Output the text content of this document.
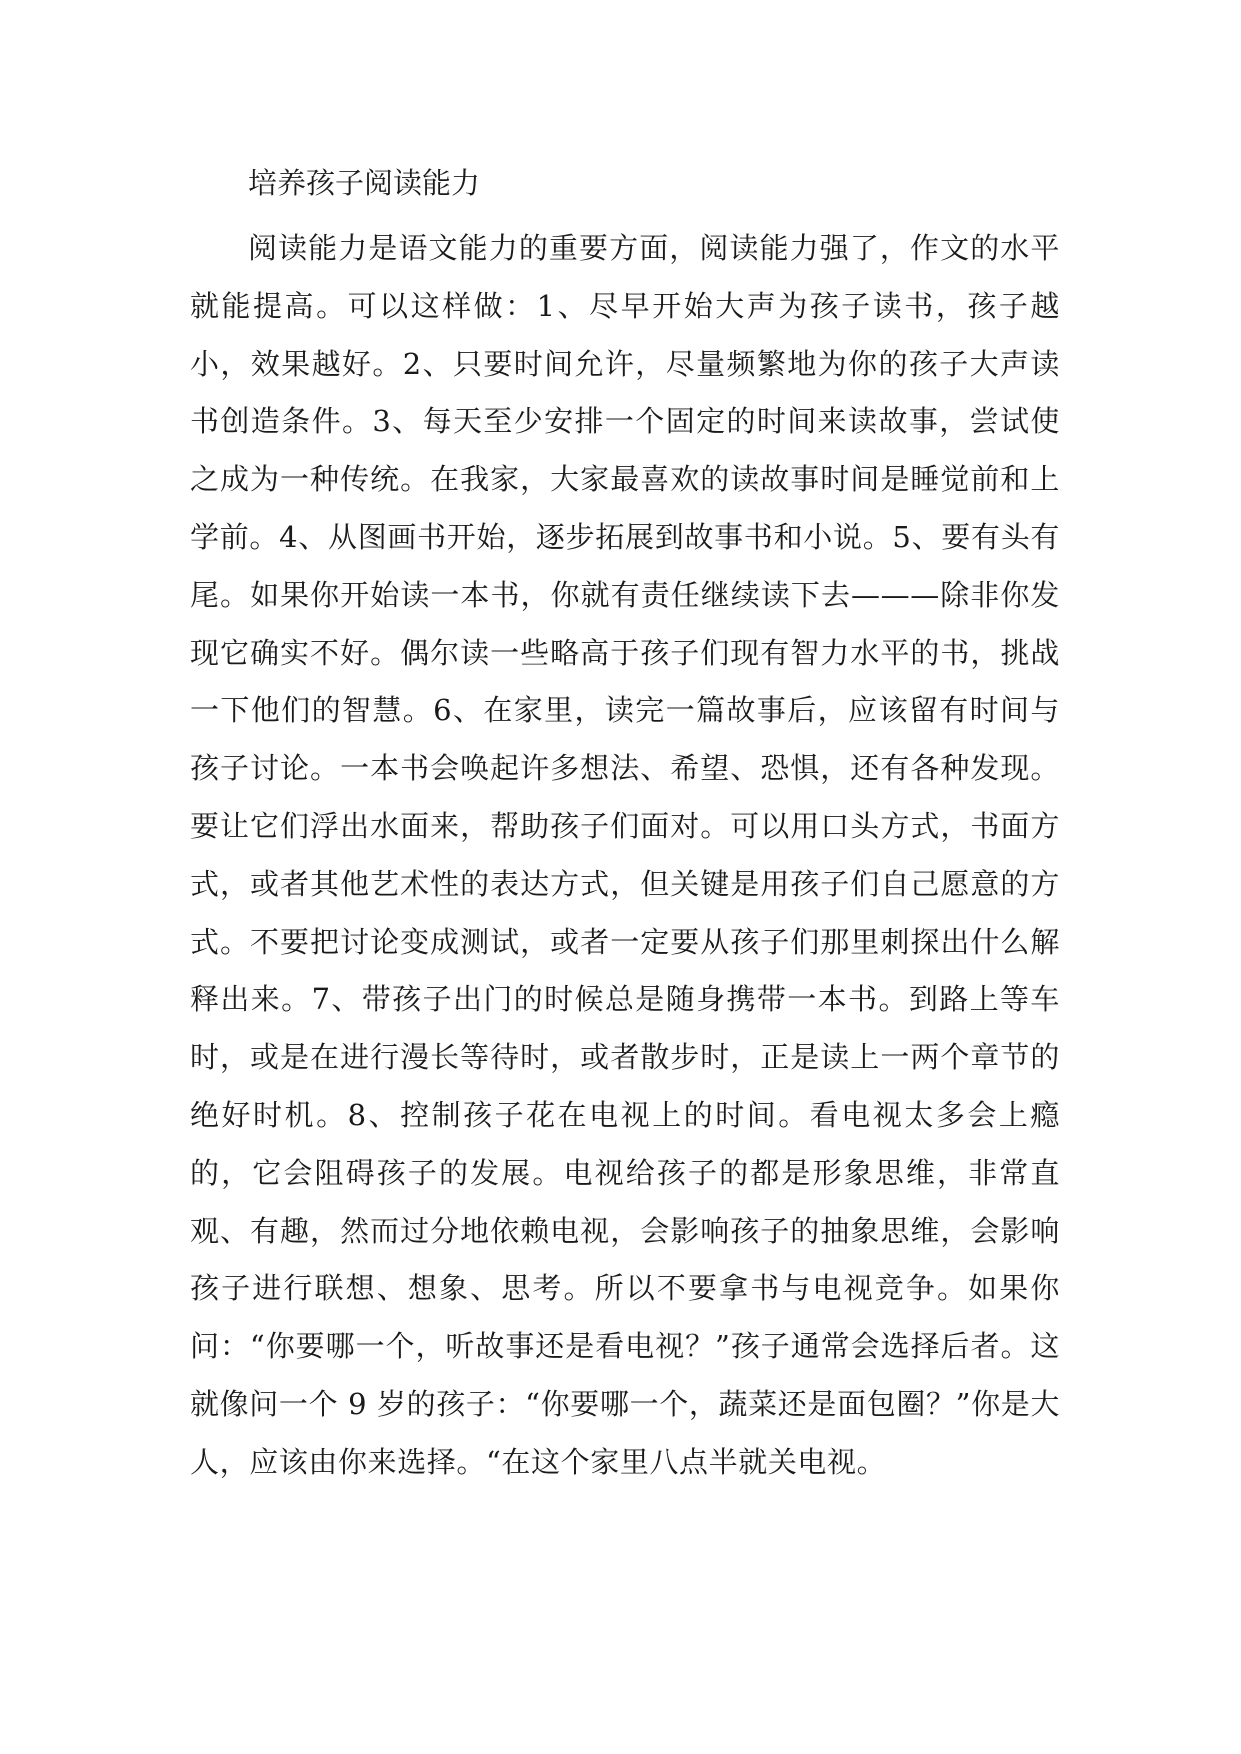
培养孩子阅读能力

阅读能力是语文能力的重要方面，阅读能力强了，作文的水平就能提高。可以这样做：1、尽早开始大声为孩子读书，孩子越小，效果越好。2、只要时间允许，尽量频繁地为你的孩子大声读书创造条件。3、每天至少安排一个固定的时间来读故事，尝试使之成为一种传统。在我家，大家最喜欢的读故事时间是睡觉前和上学前。4、从图画书开始，逐步拓展到故事书和小说。5、要有头有尾。如果你开始读一本书，你就有责任继续读下去———除非你发现它确实不好。偶尔读一些略高于孩子们现有智力水平的书，挑战一下他们的智慧。6、在家里，读完一篇故事后，应该留有时间与孩子讨论。一本书会唤起许多想法、希望、恐惧，还有各种发现。要让它们浮出水面来，帮助孩子们面对。可以用口头方式，书面方式，或者其他艺术性的表达方式，但关键是用孩子们自己愿意的方式。不要把讨论变成测试，或者一定要从孩子们那里刺探出什么解释出来。7、带孩子出门的时候总是随身携带一本书。到路上等车时，或是在进行漫长等待时，或者散步时，正是读上一两个章节的绝好时机。8、控制孩子花在电视上的时间。看电视太多会上瘾的，它会阻碍孩子的发展。电视给孩子的都是形象思维，非常直观、有趣，然而过分地依赖电视，会影响孩子的抽象思维，会影响孩子进行联想、想象、思考。所以不要拿书与电视竞争。如果你问：“你要哪一个，听故事还是看电视？”孩子通常会选择后者。这就像问一个 9 岁的孩子：“你要哪一个，蔬菜还是面包圈？”你是大人，应该由你来选择。“在这个家里八点半就关电视。
